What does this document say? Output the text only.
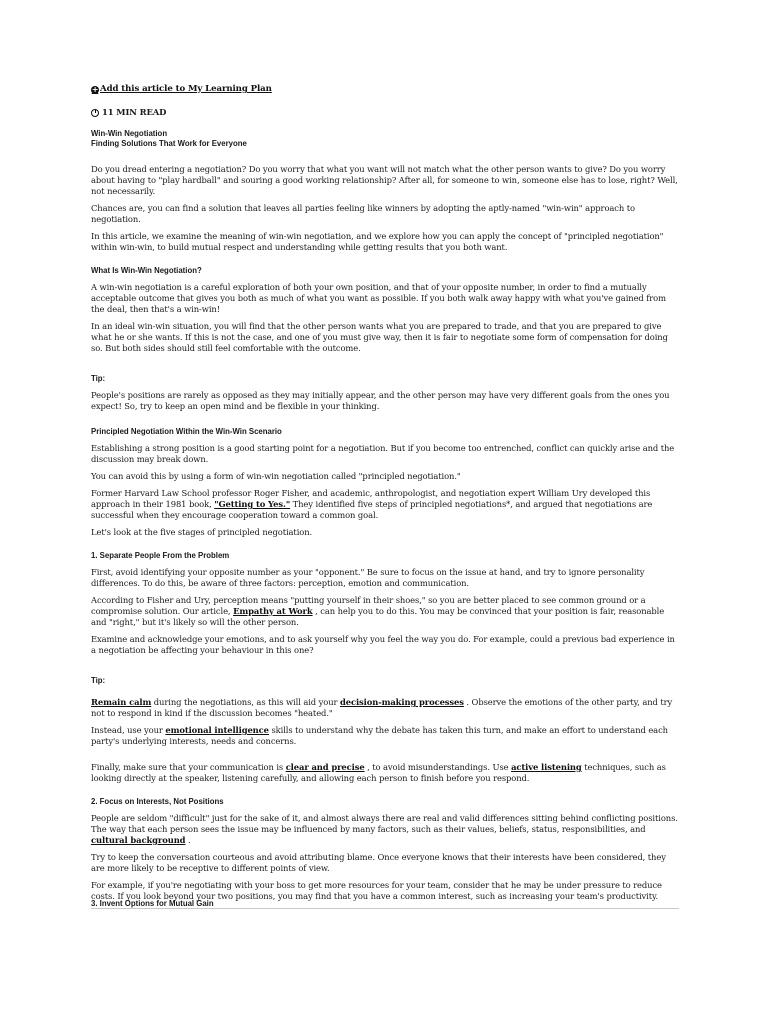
+ Add this article to My Learning Plan
11 MIN READ
Win-Win Negotiation
Finding Solutions That Work for Everyone

Do you dread entering a negotiation? Do you worry that what you want will not match what the other person wants to give? Do you worry about having to "play hardball" and souring a good working relationship? After all, for someone to win, someone else has to lose, right? Well, not necessarily.

Chances are, you can find a solution that leaves all parties feeling like winners by adopting the aptly-named "win-win" approach to negotiation.

In this article, we examine the meaning of win-win negotiation, and we explore how you can apply the concept of "principled negotiation" within win-win, to build mutual respect and understanding while getting results that you both want.

What Is Win-Win Negotiation?

A win-win negotiation is a careful exploration of both your own position, and that of your opposite number, in order to find a mutually acceptable outcome that gives you both as much of what you want as possible. If you both walk away happy with what you've gained from the deal, then that's a win-win!

In an ideal win-win situation, you will find that the other person wants what you are prepared to trade, and that you are prepared to give what he or she wants. If this is not the case, and one of you must give way, then it is fair to negotiate some form of compensation for doing so. But both sides should still feel comfortable with the outcome.

Tip:

People's positions are rarely as opposed as they may initially appear, and the other person may have very different goals from the ones you expect! So, try to keep an open mind and be flexible in your thinking.

Principled Negotiation Within the Win-Win Scenario

Establishing a strong position is a good starting point for a negotiation. But if you become too entrenched, conflict can quickly arise and the discussion may break down.

You can avoid this by using a form of win-win negotiation called "principled negotiation."

Former Harvard Law School professor Roger Fisher, and academic, anthropologist, and negotiation expert William Ury developed this approach in their 1981 book, "Getting to Yes." They identified five steps of principled negotiations*, and argued that negotiations are successful when they encourage cooperation toward a common goal.

Let's look at the five stages of principled negotiation.

1. Separate People From the Problem

First, avoid identifying your opposite number as your "opponent." Be sure to focus on the issue at hand, and try to ignore personality differences. To do this, be aware of three factors: perception, emotion and communication.

According to Fisher and Ury, perception means "putting yourself in their shoes," so you are better placed to see common ground or a compromise solution. Our article, Empathy at Work , can help you to do this. You may be convinced that your position is fair, reasonable and "right," but it's likely so will the other person.

Examine and acknowledge your emotions, and to ask yourself why you feel the way you do. For example, could a previous bad experience in a negotiation be affecting your behaviour in this one?

Tip:

Remain calm during the negotiations, as this will aid your decision-making processes . Observe the emotions of the other party, and try not to respond in kind if the discussion becomes "heated."

Instead, use your emotional intelligence skills to understand why the debate has taken this turn, and make an effort to understand each party's underlying interests, needs and concerns.

Finally, make sure that your communication is clear and precise , to avoid misunderstandings. Use active listening techniques, such as looking directly at the speaker, listening carefully, and allowing each person to finish before you respond.

2. Focus on Interests, Not Positions

People are seldom "difficult" just for the sake of it, and almost always there are real and valid differences sitting behind conflicting positions. The way that each person sees the issue may be influenced by many factors, such as their values, beliefs, status, responsibilities, and cultural background .

Try to keep the conversation courteous and avoid attributing blame. Once everyone knows that their interests have been considered, they are more likely to be receptive to different points of view.

For example, if you're negotiating with your boss to get more resources for your team, consider that he may be under pressure to reduce costs. If you look beyond your two positions, you may find that you have a common interest, such as increasing your team's productivity.

3. Invent Options for Mutual Gain
